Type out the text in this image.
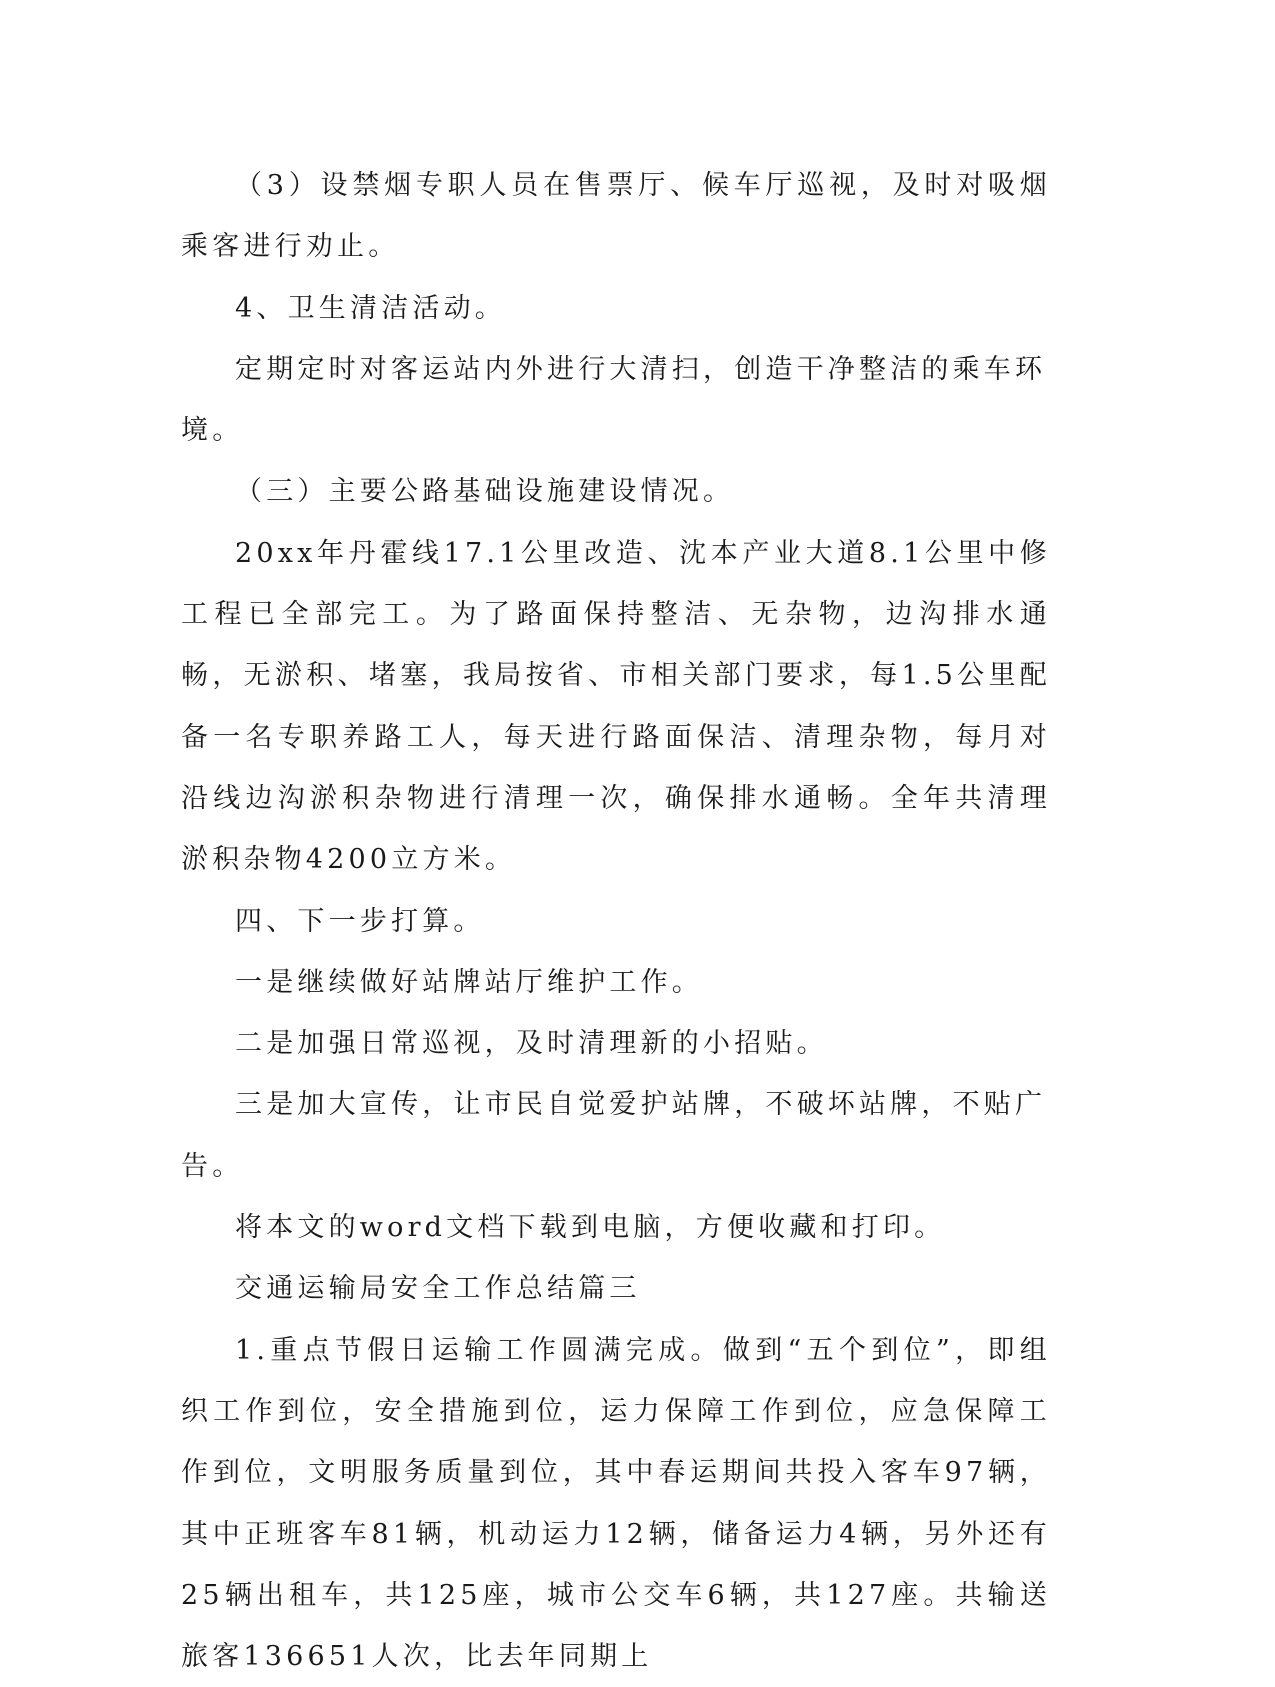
（3）设禁烟专职人员在售票厅、候车厅巡视，及时对吸烟乘客进行劝止。

4、卫生清洁活动。

定期定时对客运站内外进行大清扫，创造干净整洁的乘车环境。

（三）主要公路基础设施建设情况。

20xx年丹霍线17.1公里改造、沈本产业大道8.1公里中修工程已全部完工。为了路面保持整洁、无杂物，边沟排水通畅，无淤积、堵塞，我局按省、市相关部门要求，每1.5公里配备一名专职养路工人，每天进行路面保洁、清理杂物，每月对沿线边沟淤积杂物进行清理一次，确保排水通畅。全年共清理淤积杂物4200立方米。

四、下一步打算。

一是继续做好站牌站厅维护工作。

二是加强日常巡视，及时清理新的小招贴。

三是加大宣传，让市民自觉爱护站牌，不破坏站牌，不贴广告。

将本文的word文档下载到电脑，方便收藏和打印。

交通运输局安全工作总结篇三

1.重点节假日运输工作圆满完成。做到“五个到位”，即组织工作到位，安全措施到位，运力保障工作到位，应急保障工作到位，文明服务质量到位，其中春运期间共投入客车97辆，其中正班客车81辆，机动运力12辆，储备运力4辆，另外还有25辆出租车，共125座，城市公交车6辆，共127座。共输送旅客136651人次，比去年同期上
